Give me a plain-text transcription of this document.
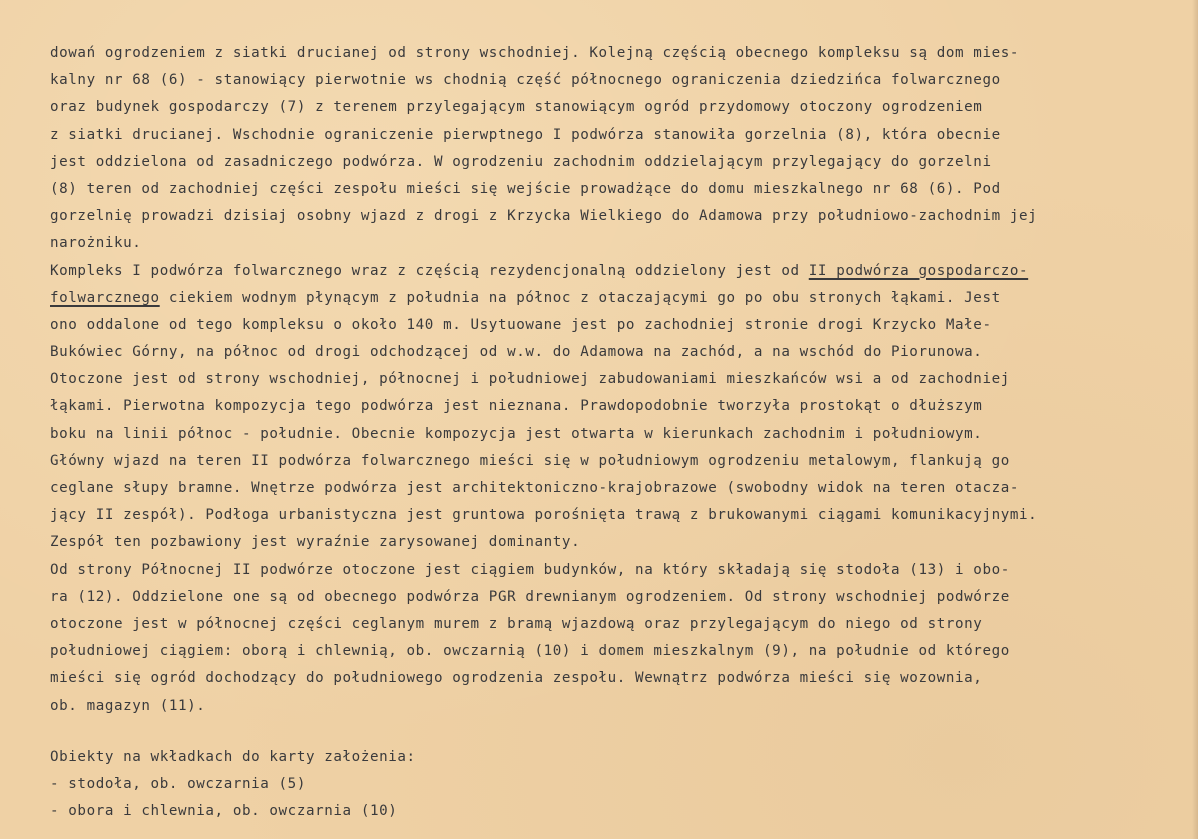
dowań ogrodzeniem z siatki drucianej od strony wschodniej. Kolejną częścią obecnego kompleksu są dom mies-
kalny nr 68 (6) - stanowiący pierwotnie ws chodnią część północnego ograniczenia dziedzińca folwarcznego
oraz budynek gospodarczy (7) z terenem przylegającym stanowiącym ogród przydomowy otoczony ogrodzeniem
z siatki drucianej. Wschodnie ograniczenie pierwptnego I podwórza stanowiła gorzelnia (8), która obecnie
jest oddzielona od zasadniczego podwórza. W ogrodzeniu zachodnim oddzielającym przylegający do gorzelni
(8) teren od zachodniej części zespołu mieści się wejście prowadżące do domu mieszkalnego nr 68 (6). Pod
gorzelnię prowadzi dzisiaj osobny wjazd z drogi z Krzycka Wielkiego do Adamowa przy południowo-zachodnim jej
narożniku.
Kompleks I podwórza folwarcznego wraz z częścią rezydencjonalną oddzielony jest od II podwórza gospodarczo-
folwarcznego ciekiem wodnym płynącym z południa na północ z otaczającymi go po obu stronych łąkami. Jest
ono oddalone od tego kompleksu o około 140 m. Usytuowane jest po zachodniej stronie drogi Krzycko Małe-
Bukówiec Górny, na północ od drogi odchodzącej od w.w. do Adamowa na zachód, a na wschód do Piorunowa.
Otoczone jest od strony wschodniej, północnej i południowej zabudowaniami mieszkańców wsi a od zachodniej
łąkami. Pierwotna kompozycja tego podwórza jest nieznana. Prawdopodobnie tworzyła prostokąt o dłuższym
boku na linii północ - południe. Obecnie kompozycja jest otwarta w kierunkach zachodnim i południowym.
Główny wjazd na teren II podwórza folwarcznego mieści się w południowym ogrodzeniu metalowym, flankują go
ceglane słupy bramne. Wnętrze podwórza jest architektoniczno-krajobrazowe (swobodny widok na teren otacza-
jący II zespół). Podłoga urbanistyczna jest gruntowa porośnięta trawą z brukowanymi ciągami komunikacyjnymi.
Zespół ten pozbawiony jest wyraźnie zarysowanej dominanty.
Od strony Północnej II podwórze otoczone jest ciągiem budynków, na który składają się stodoła (13) i obo-
ra (12). Oddzielone one są od obecnego podwórza PGR drewnianym ogrodzeniem. Od strony wschodniej podwórze
otoczone jest w północnej części ceglanym murem z bramą wjazdową oraz przylegającym do niego od strony
południowej ciągiem: oborą i chlewnią, ob. owczarnią (10) i domem mieszkalnym (9), na południe od którego
mieści się ogród dochodzący do południowego ogrodzenia zespołu. Wewnątrz podwórza mieści się wozownia,
ob. magazyn (11).
Obiekty na wkładkach do karty założenia:
- stodoła, ob. owczarnia (5)
- obora i chlewnia, ob. owczarnia (10)
